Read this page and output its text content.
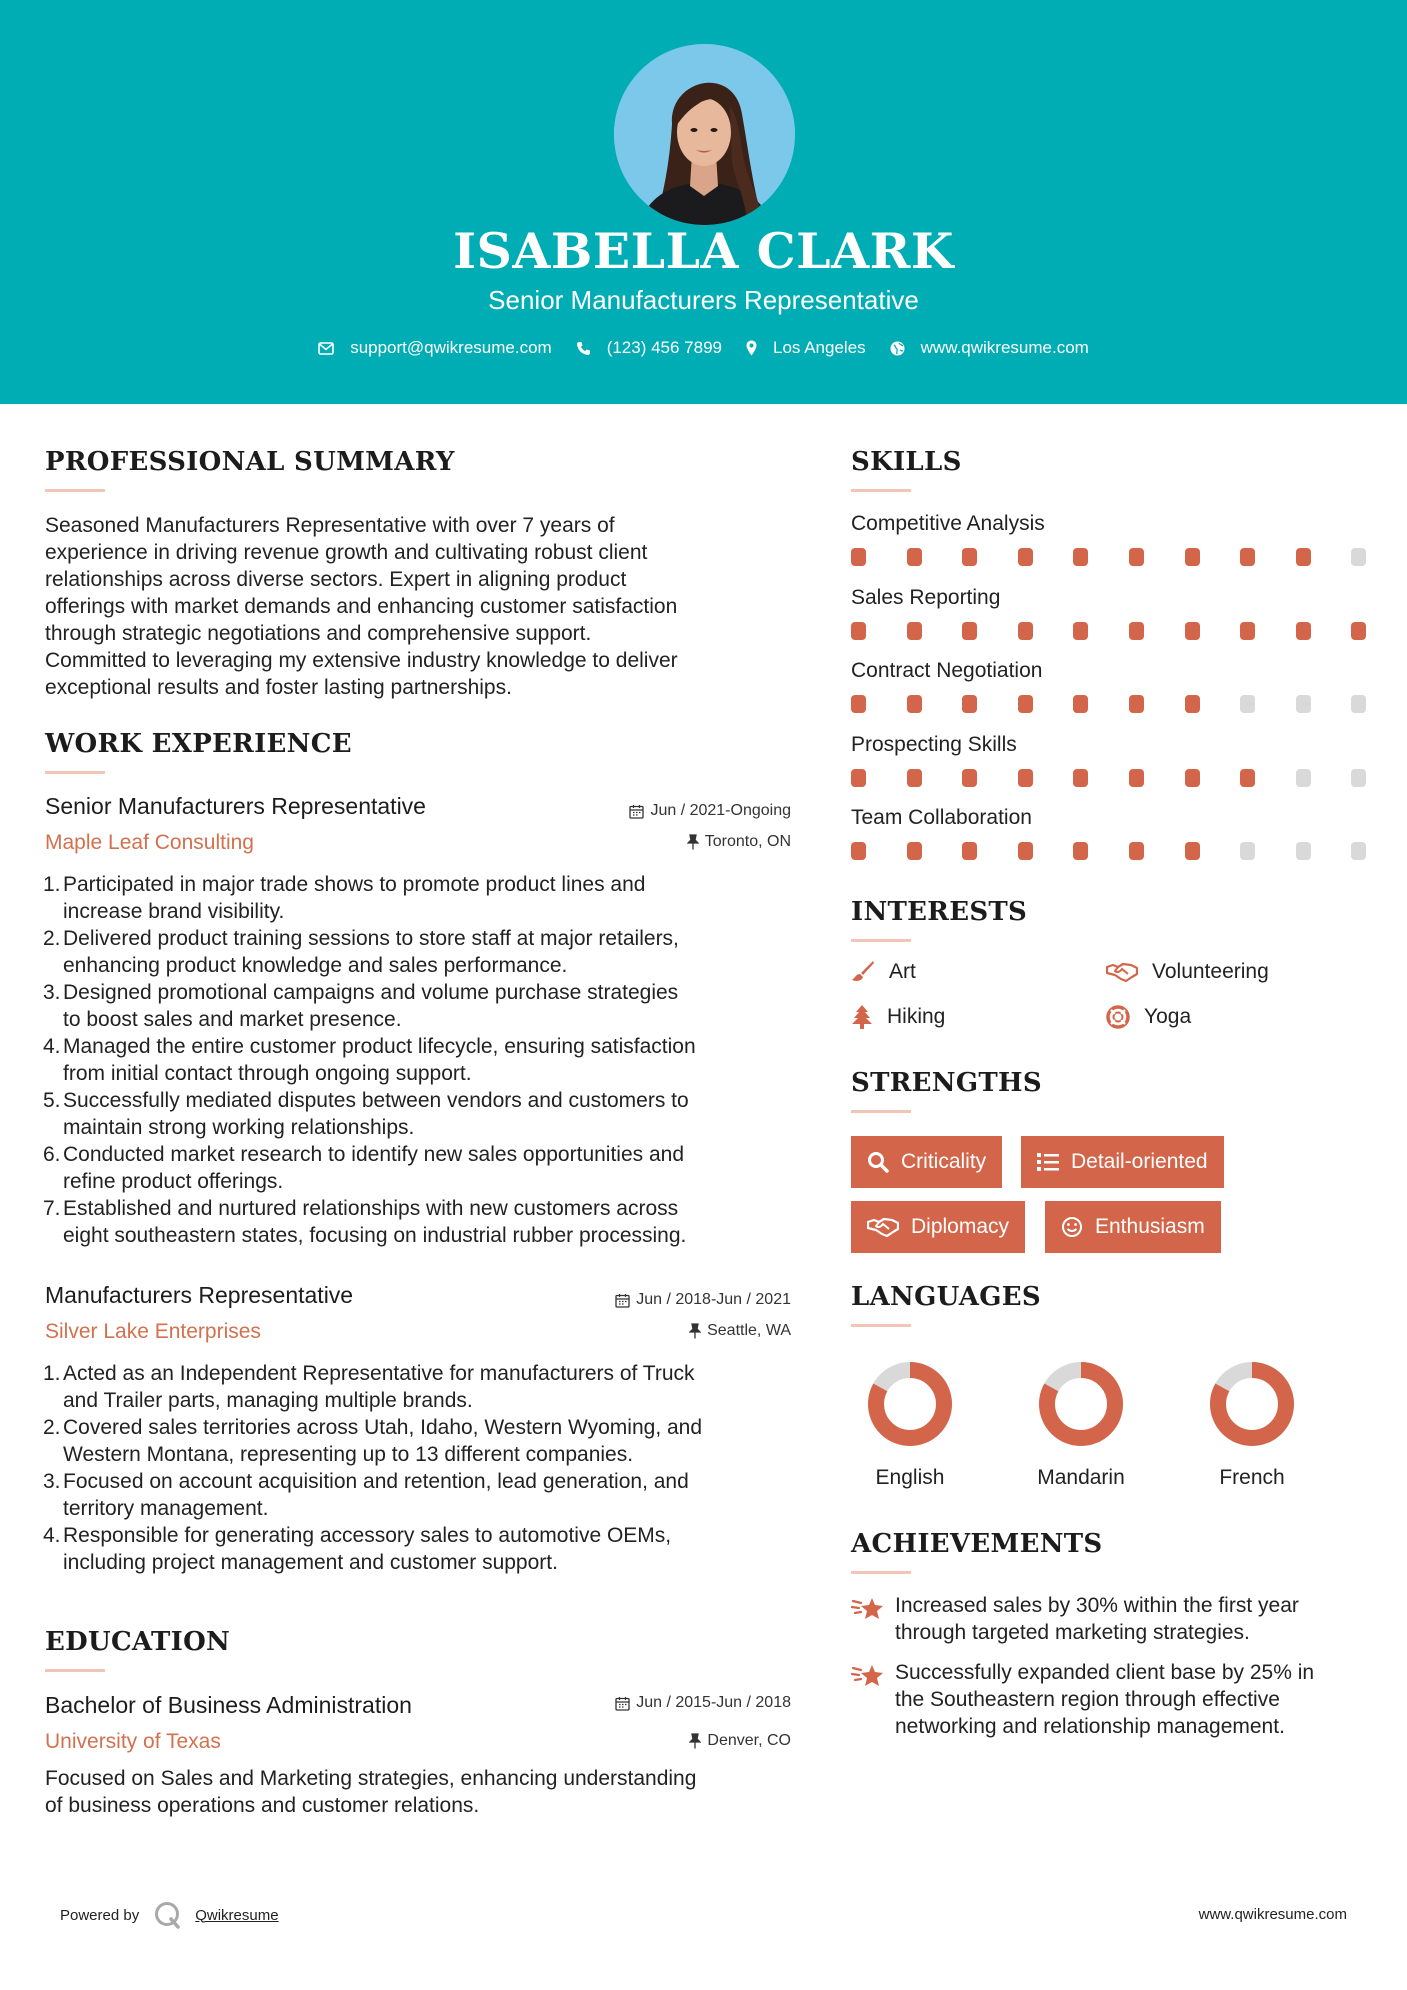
ISABELLA CLARK
Senior Manufacturers Representative
support@qwikresume.com	(123) 456 7899	Los Angeles	www.qwikresume.com
PROFESSIONAL SUMMARY
Seasoned Manufacturers Representative with over 7 years of
experience in driving revenue growth and cultivating robust client
relationships across diverse sectors. Expert in aligning product
offerings with market demands and enhancing customer satisfaction
through strategic negotiations and comprehensive support.
Committed to leveraging my extensive industry knowledge to deliver
exceptional results and foster lasting partnerships.
WORK EXPERIENCE
Senior Manufacturers Representative	Jun / 2021-Ongoing
Maple Leaf Consulting	Toronto, ON
1. Participated in major trade shows to promote product lines and
increase brand visibility.
2. Delivered product training sessions to store staff at major retailers,
enhancing product knowledge and sales performance.
3. Designed promotional campaigns and volume purchase strategies
to boost sales and market presence.
4. Managed the entire customer product lifecycle, ensuring satisfaction
from initial contact through ongoing support.
5. Successfully mediated disputes between vendors and customers to
maintain strong working relationships.
6. Conducted market research to identify new sales opportunities and
refine product offerings.
7. Established and nurtured relationships with new customers across
eight southeastern states, focusing on industrial rubber processing.
Manufacturers Representative	Jun / 2018-Jun / 2021
Silver Lake Enterprises	Seattle, WA
1. Acted as an Independent Representative for manufacturers of Truck
and Trailer parts, managing multiple brands.
2. Covered sales territories across Utah, Idaho, Western Wyoming, and
Western Montana, representing up to 13 different companies.
3. Focused on account acquisition and retention, lead generation, and
territory management.
4. Responsible for generating accessory sales to automotive OEMs,
including project management and customer support.
EDUCATION
Bachelor of Business Administration	Jun / 2015-Jun / 2018
University of Texas	Denver, CO
Focused on Sales and Marketing strategies, enhancing understanding
of business operations and customer relations.
SKILLS
Competitive Analysis
Sales Reporting
Contract Negotiation
Prospecting Skills
Team Collaboration
INTERESTS
Art	Volunteering
Hiking	Yoga
STRENGTHS
Criticality	Detail-oriented
Diplomacy	Enthusiasm
LANGUAGES
English	Mandarin	French
ACHIEVEMENTS
Increased sales by 30% within the first year
through targeted marketing strategies.
Successfully expanded client base by 25% in
the Southeastern region through effective
networking and relationship management.
Powered by	Qwikresume	www.qwikresume.com
